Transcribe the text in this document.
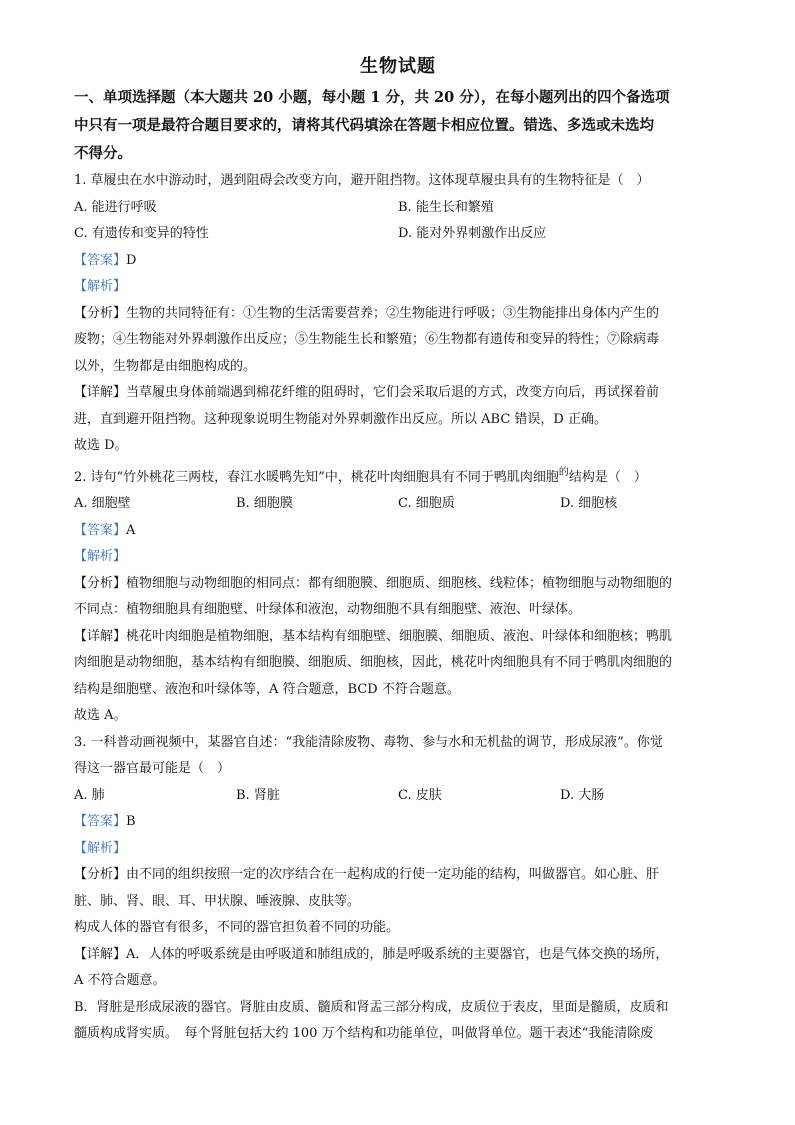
生物试题

一、单项选择题（本大题共 20 小题，每小题 1 分，共 20 分），在每小题列出的四个备选项

中只有一项是最符合题目要求的，请将其代码填涂在答题卡相应位置。错选、多选或未选均

不得分。

1. 草履虫在水中游动时，遇到阻碍会改变方向，避开阻挡物。这体现草履虫具有的生物特征是（　）

A. 能进行呼吸	B. 能生长和繁殖
C. 有遗传和变异的特性	D. 能对外界刺激作出反应

【答案】D

【解析】

【分析】生物的共同特征有：①生物的生活需要营养；②生物能进行呼吸；③生物能排出身体内产生的

废物；④生物能对外界刺激作出反应；⑤生物能生长和繁殖；⑥生物都有遗传和变异的特性；⑦除病毒

以外，生物都是由细胞构成的。

【详解】当草履虫身体前端遇到棉花纤维的阻碍时，它们会采取后退的方式，改变方向后，再试探着前

进，直到避开阻挡物。这种现象说明生物能对外界刺激作出反应。所以 ABC 错误，D 正确。

故选 D。

2. 诗句“竹外桃花三两枝，春江水暖鸭先知”中，桃花叶肉细胞具有不同于鸭肌肉细胞$^的$结构是（　）

A. 细胞壁	B. 细胞膜	C. 细胞质	D. 细胞核

【答案】A

【解析】

【分析】植物细胞与动物细胞的相同点：都有细胞膜、细胞质、细胞核、线粒体；植物细胞与动物细胞的

不同点：植物细胞具有细胞壁、叶绿体和液泡，动物细胞不具有细胞壁、液泡、叶绿体。

【详解】桃花叶肉细胞是植物细胞，基本结构有细胞壁、细胞膜、细胞质、液泡、叶绿体和细胞核；鸭肌

肉细胞是动物细胞，基本结构有细胞膜、细胞质、细胞核，因此，桃花叶肉细胞具有不同于鸭肌肉细胞的

结构是细胞壁、液泡和叶绿体等，A 符合题意，BCD 不符合题意。

故选 A。

3. 一科普动画视频中，某器官自述：“我能清除废物、毒物、参与水和无机盐的调节，形成尿液”。你觉

得这一器官最可能是（　）

A. 肺	B. 肾脏	C. 皮肤	D. 大肠

【答案】B

【解析】

【分析】由不同的组织按照一定的次序结合在一起构成的行使一定功能的结构，叫做器官。如心脏、肝

脏、肺、肾、眼、耳、甲状腺、唾液腺、皮肤等。

构成人体的器官有很多，不同的器官担负着不同的功能。

【详解】A．人体的呼吸系统是由呼吸道和肺组成的，肺是呼吸系统的主要器官，也是气体交换的场所，

A 不符合题意。

B．肾脏是形成尿液的器官。肾脏由皮质、髓质和肾盂三部分构成，皮质位于表皮，里面是髓质，皮质和

髓质构成肾实质。　每个肾脏包括大约 100 万个结构和功能单位，叫做肾单位。题干表述“我能清除废
